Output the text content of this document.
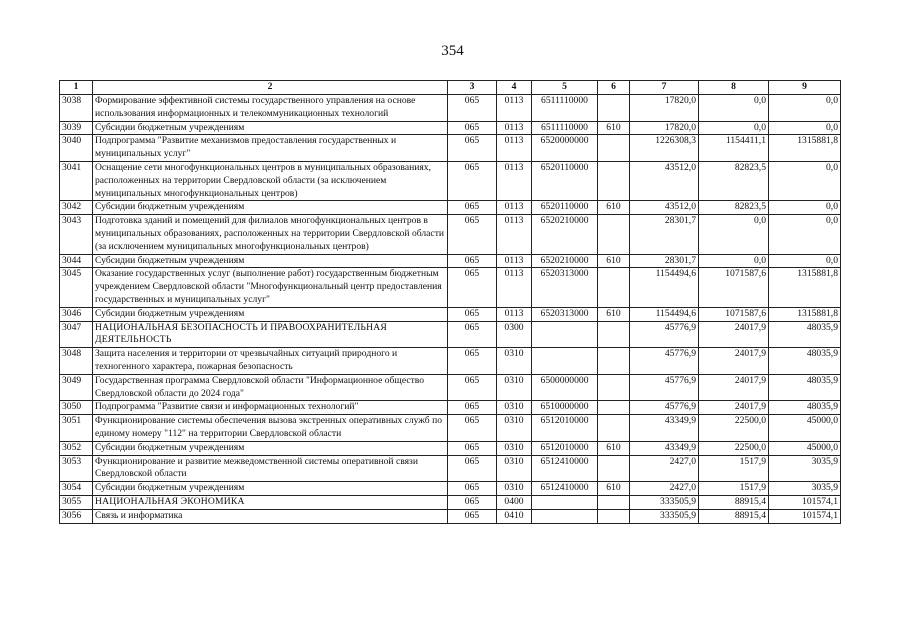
354
1	2	3	4	5	6	7	8	9
3038	Формирование эффективной системы государственного управления на основе использования информационных и телекоммуникационных технологий	065	0113	6511110000		17820,0	0,0	0,0
3039	Субсидии бюджетным учреждениям	065	0113	6511110000	610	17820,0	0,0	0,0
3040	Подпрограмма "Развитие механизмов предоставления государственных и муниципальных услуг"	065	0113	6520000000		1226308,3	1154411,1	1315881,8
3041	Оснащение сети многофункциональных центров в муниципальных образованиях, расположенных на территории Свердловской области (за исключением муниципальных многофункциональных центров)	065	0113	6520110000		43512,0	82823,5	0,0
3042	Субсидии бюджетным учреждениям	065	0113	6520110000	610	43512,0	82823,5	0,0
3043	Подготовка зданий и помещений для филиалов многофункциональных центров в муниципальных образованиях, расположенных на территории Свердловской области (за исключением муниципальных многофункциональных центров)	065	0113	6520210000		28301,7	0,0	0,0
3044	Субсидии бюджетным учреждениям	065	0113	6520210000	610	28301,7	0,0	0,0
3045	Оказание государственных услуг (выполнение работ) государственным бюджетным учреждением Свердловской области "Многофункциональный центр предоставления государственных и муниципальных услуг"	065	0113	6520313000		1154494,6	1071587,6	1315881,8
3046	Субсидии бюджетным учреждениям	065	0113	6520313000	610	1154494,6	1071587,6	1315881,8
3047	НАЦИОНАЛЬНАЯ БЕЗОПАСНОСТЬ И ПРАВООХРАНИТЕЛЬНАЯ ДЕЯТЕЛЬНОСТЬ	065	0300			45776,9	24017,9	48035,9
3048	Защита населения и территории от чрезвычайных ситуаций природного и техногенного характера, пожарная безопасность	065	0310			45776,9	24017,9	48035,9
3049	Государственная программа Свердловской области "Информационное общество Свердловской области до 2024 года"	065	0310	6500000000		45776,9	24017,9	48035,9
3050	Подпрограмма "Развитие связи и информационных технологий"	065	0310	6510000000		45776,9	24017,9	48035,9
3051	Функционирование системы обеспечения вызова экстренных оперативных служб по единому номеру "112" на территории Свердловской области	065	0310	6512010000		43349,9	22500,0	45000,0
3052	Субсидии бюджетным учреждениям	065	0310	6512010000	610	43349,9	22500,0	45000,0
3053	Функционирование и развитие межведомственной системы оперативной связи Свердловской области	065	0310	6512410000		2427,0	1517,9	3035,9
3054	Субсидии бюджетным учреждениям	065	0310	6512410000	610	2427,0	1517,9	3035,9
3055	НАЦИОНАЛЬНАЯ ЭКОНОМИКА	065	0400			333505,9	88915,4	101574,1
3056	Связь и информатика	065	0410			333505,9	88915,4	101574,1
